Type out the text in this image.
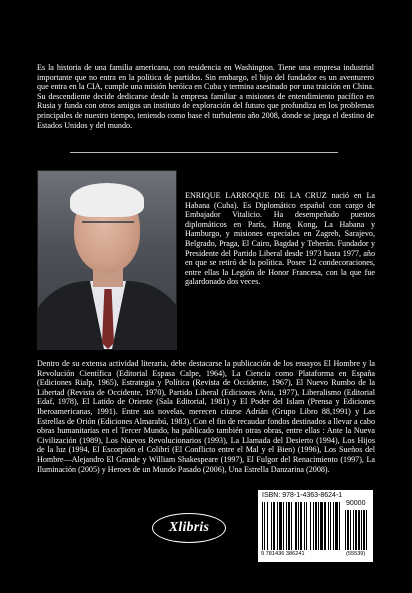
Es la historia de una familia americana, con residencia en Washington. Tiene una empresa industrial importante que no entra en la política de partidos. Sin embargo, el hijo del fundador es un aventurero que entra en la CIA, cumple una misión heróica en Cuba y termina asesinado por una traición en China. Su descendiente decide dedicarse desde la empresa familiar a misiones de entendimiento pacífico en Rusia y funda con otros amigos un instituto de exploración del futuro que profundiza en los problemas principales de nuestro tiempo, teniendo como base el turbulento año 2008, donde se juega el destino de Estados Unidos y del mundo.

ENRIQUE LARROQUE DE LA CRUZ nació en La Habana (Cuba). Es Diplomático español con cargo de Embajador Vitalicio. Ha desempeñado puestos diplomáticos en París, Hong Kong, La Habana y Hamburgo, y misiones especiales en Zagreb, Sarajevo, Belgrado, Praga, El Cairo, Bagdad y Teherán. Fundador y Presidente del Partido Liberal desde 1973 hasta 1977, año en que se retiró de la política. Posee 12 condecoraciones, entre ellas la Legión de Honor Francesa, con la que fue galardonado dos veces.

Dentro de su extensa actividad literaria, debe destacarse la publicación de los ensayos El Hombre y la Revolución Científica (Editorial Espasa Calpe, 1964), La Ciencia como Plataforma en España (Ediciones Rialp, 1965), Estrategia y Política (Revista de Occidente, 1967), El Nuevo Rumbo de la Libertad (Revista de Occidente, 1970), Partido Liberal (Ediciones Avia, 1977), Liberalismo (Editorial Edaf, 1978), El Latido de Oriente (Sala Editorial, 1981) y El Poder del Islam (Prensa y Ediciones Iberoamericanas, 1991). Entre sus novelas, merecen citarse Adrián (Grupo Libro 88,1991) y Las Estrellas de Orión (Ediciones Almarabú, 1983). Con el fin de recaudar fondos destinados a llevar a cabo obras humanitarias en el Tercer Mundo, ha publicado también otras obras, entre ellas : Ante la Nueva Civilización (1989), Los Nuevos Revolucionarios (1993), La Llamada del Desierto (1994), Los Hijos de la luz (1994, El Escorpión el Colibrí (El Conflicto entre el Mal y el Bien) (1996), Los Sueños del Hombre—Alejandro El Grande y William Shakespeare (1997), El Fulgor del Renacimiento (1997), La Iluminación (2005) y Heroes de un Mundo Pasado (2006), Una Estrella Danzarina (2008).

Xlibris
ISBN: 978-1-4363-8624-1
90000
9 781436 386241	(55539)
